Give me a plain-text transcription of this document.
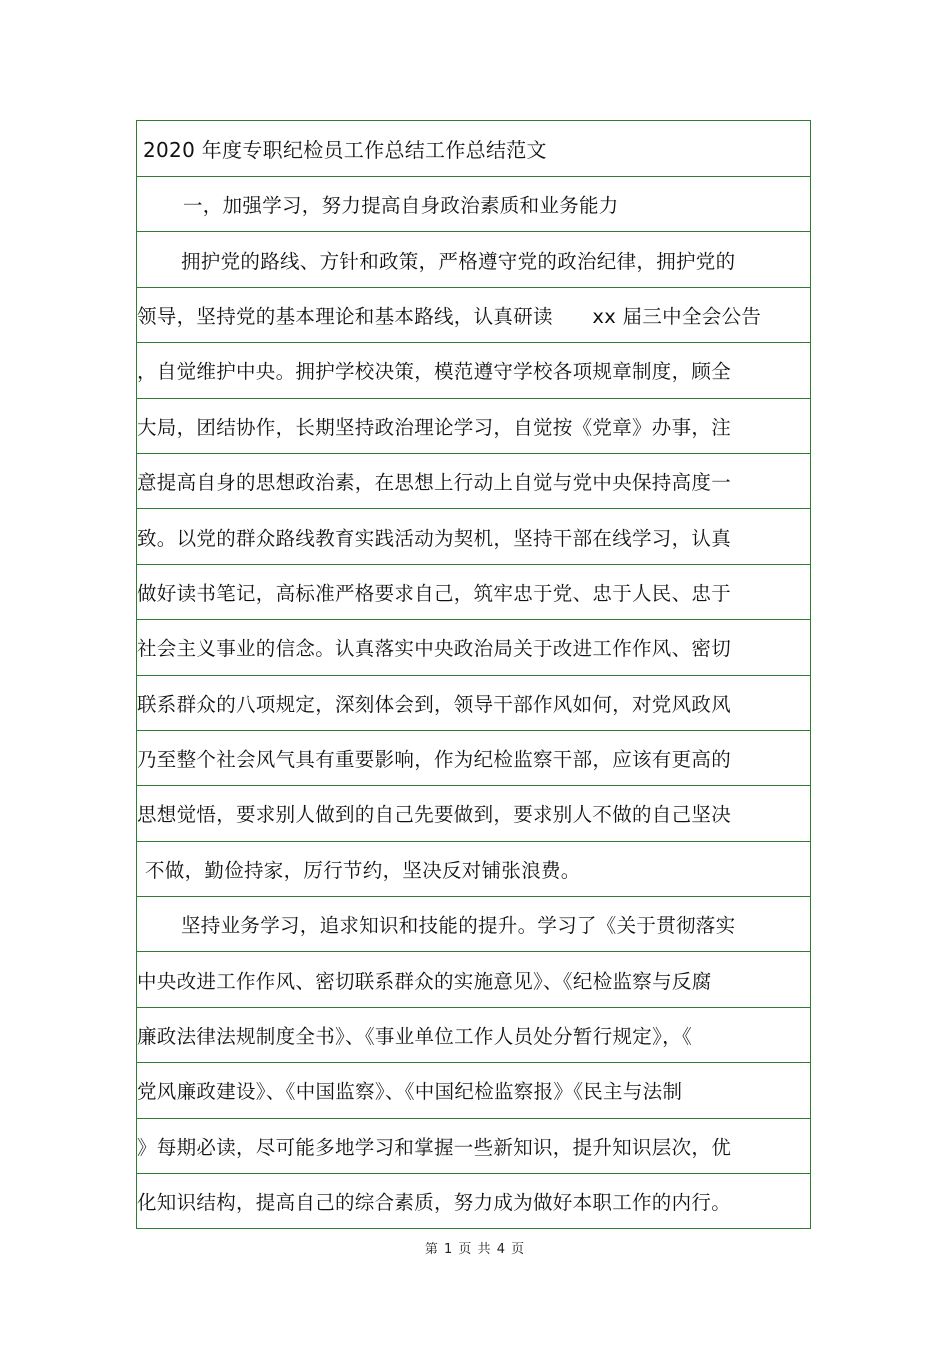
2020 年度专职纪检员工作总结工作总结范文
一，加强学习，努力提高自身政治素质和业务能力
拥护党的路线、方针和政策，严格遵守党的政治纪律，拥护党的
领导，坚持党的基本理论和基本路线，认真研读　　xx 届三中全会公告
，自觉维护中央。拥护学校决策，模范遵守学校各项规章制度，顾全
大局，团结协作，长期坚持政治理论学习，自觉按《党章》办事，注
意提高自身的思想政治素，在思想上行动上自觉与党中央保持高度一
致。以党的群众路线教育实践活动为契机，坚持干部在线学习，认真
做好读书笔记，高标准严格要求自己，筑牢忠于党、忠于人民、忠于
社会主义事业的信念。认真落实中央政治局关于改进工作作风、密切
联系群众的八项规定，深刻体会到，领导干部作风如何，对党风政风
乃至整个社会风气具有重要影响，作为纪检监察干部，应该有更高的
思想觉悟，要求别人做到的自己先要做到，要求别人不做的自己坚决
不做，勤俭持家，厉行节约，坚决反对铺张浪费。
坚持业务学习，追求知识和技能的提升。学习了《关于贯彻落实
中央改进工作作风、密切联系群众的实施意见》、《纪检监察与反腐
廉政法律法规制度全书》、《事业单位工作人员处分暂行规定》，《
党风廉政建设》、《中国监察》、《中国纪检监察报》《民主与法制
》每期必读，尽可能多地学习和掌握一些新知识，提升知识层次，优
化知识结构，提高自己的综合素质，努力成为做好本职工作的内行。
第 1 页 共 4 页
